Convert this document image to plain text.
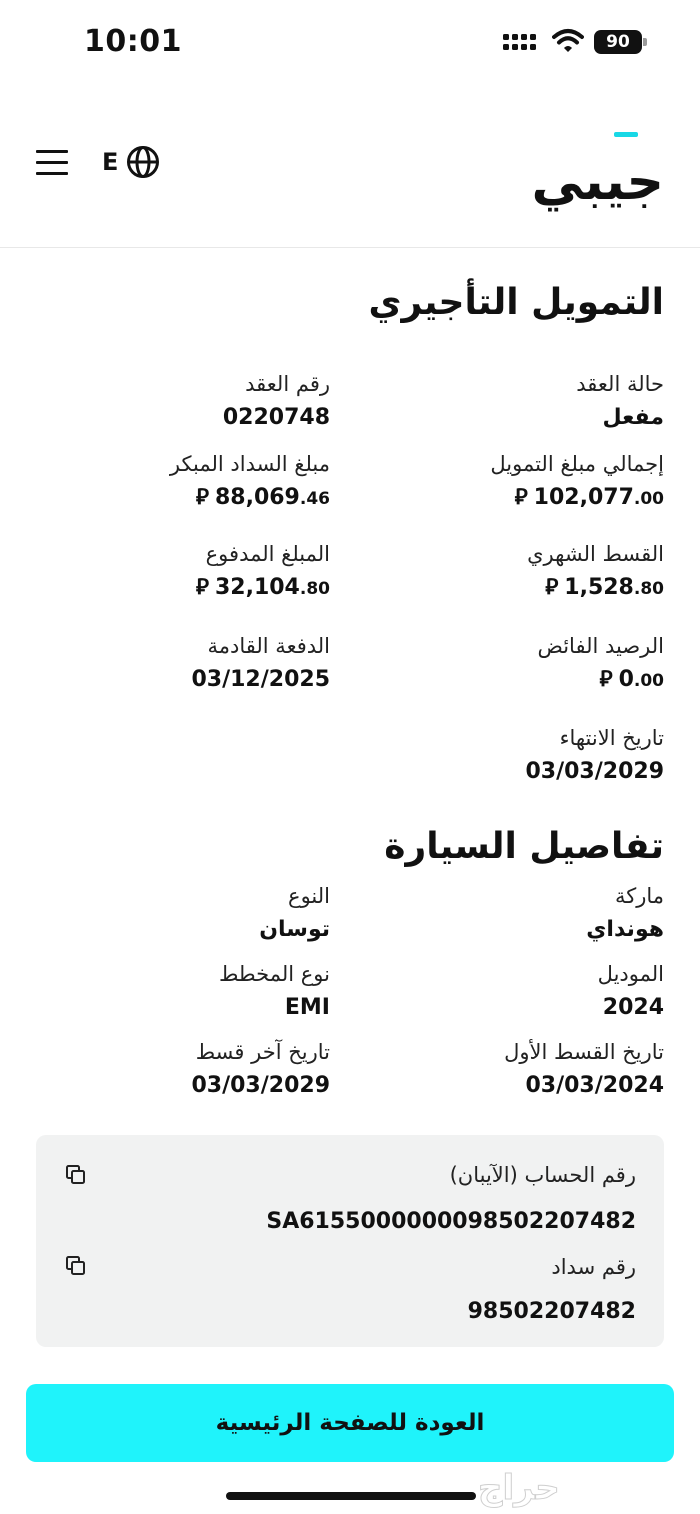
10:01	90
E	جيبي
التمويل التأجيري
حالة العقد
مفعل
رقم العقد
0220748
إجمالي مبلغ التمويل
⃁ 102,077 .00
مبلغ السداد المبكر
⃁ 88,069 .46
القسط الشهري
⃁ 1,528 .80
المبلغ المدفوع
⃁ 32,104 .80
الرصيد الفائض
⃁ 0 .00
الدفعة القادمة
03/12/2025
تاريخ الانتهاء
03/03/2029
تفاصيل السيارة
ماركة
هونداي
النوع
توسان
الموديل
2024
نوع المخطط
EMI
تاريخ القسط الأول
03/03/2024
تاريخ آخر قسط
03/03/2029
رقم الحساب (الآيبان)
SA6155000000098502207482
رقم سداد
98502207482
العودة للصفحة الرئيسية
حراج
